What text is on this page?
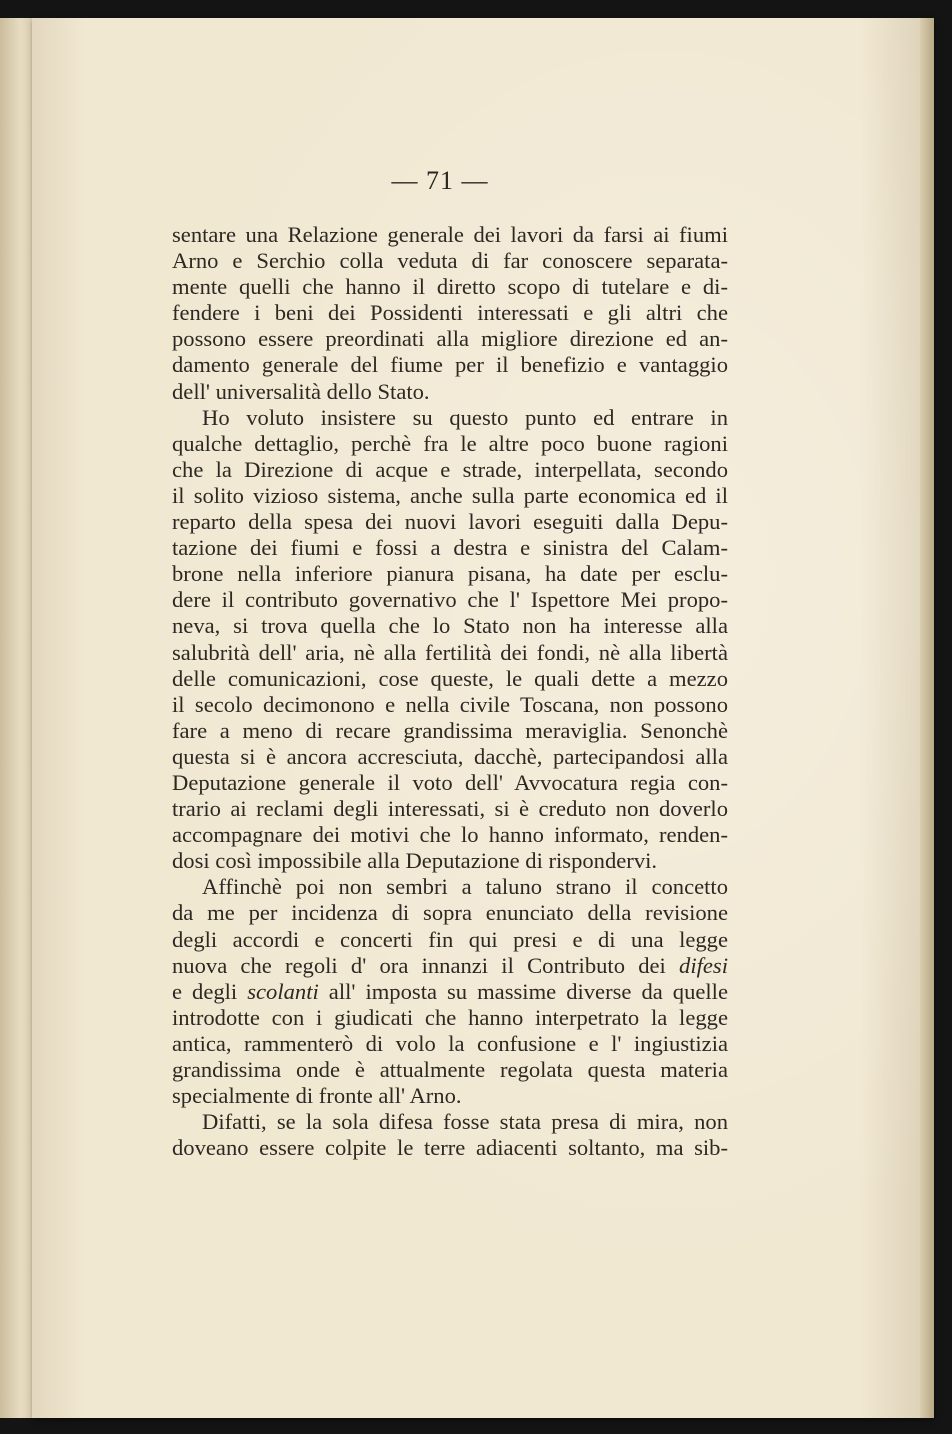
— 71 —
sentare una Relazione generale dei lavori da farsi ai fiumi
Arno e Serchio colla veduta di far conoscere separata-
mente quelli che hanno il diretto scopo di tutelare e di-
fendere i beni dei Possidenti interessati e gli altri che
possono essere preordinati alla migliore direzione ed an-
damento generale del fiume per il benefizio e vantaggio
dell' universalità dello Stato.
Ho voluto insistere su questo punto ed entrare in
qualche dettaglio, perchè fra le altre poco buone ragioni
che la Direzione di acque e strade, interpellata, secondo
il solito vizioso sistema, anche sulla parte economica ed il
reparto della spesa dei nuovi lavori eseguiti dalla Depu-
tazione dei fiumi e fossi a destra e sinistra del Calam-
brone nella inferiore pianura pisana, ha date per esclu-
dere il contributo governativo che l' Ispettore Mei propo-
neva, si trova quella che lo Stato non ha interesse alla
salubrità dell' aria, nè alla fertilità dei fondi, nè alla libertà
delle comunicazioni, cose queste, le quali dette a mezzo
il secolo decimonono e nella civile Toscana, non possono
fare a meno di recare grandissima meraviglia. Senonchè
questa si è ancora accresciuta, dacchè, partecipandosi alla
Deputazione generale il voto dell' Avvocatura regia con-
trario ai reclami degli interessati, si è creduto non doverlo
accompagnare dei motivi che lo hanno informato, renden-
dosi così impossibile alla Deputazione di rispondervi.
Affinchè poi non sembri a taluno strano il concetto
da me per incidenza di sopra enunciato della revisione
degli accordi e concerti fin qui presi e di una legge
nuova che regoli d' ora innanzi il Contributo dei difesi
e degli scolanti all' imposta su massime diverse da quelle
introdotte con i giudicati che hanno interpetrato la legge
antica, rammenterò di volo la confusione e l' ingiustizia
grandissima onde è attualmente regolata questa materia
specialmente di fronte all' Arno.
Difatti, se la sola difesa fosse stata presa di mira, non
doveano essere colpite le terre adiacenti soltanto, ma sib-
